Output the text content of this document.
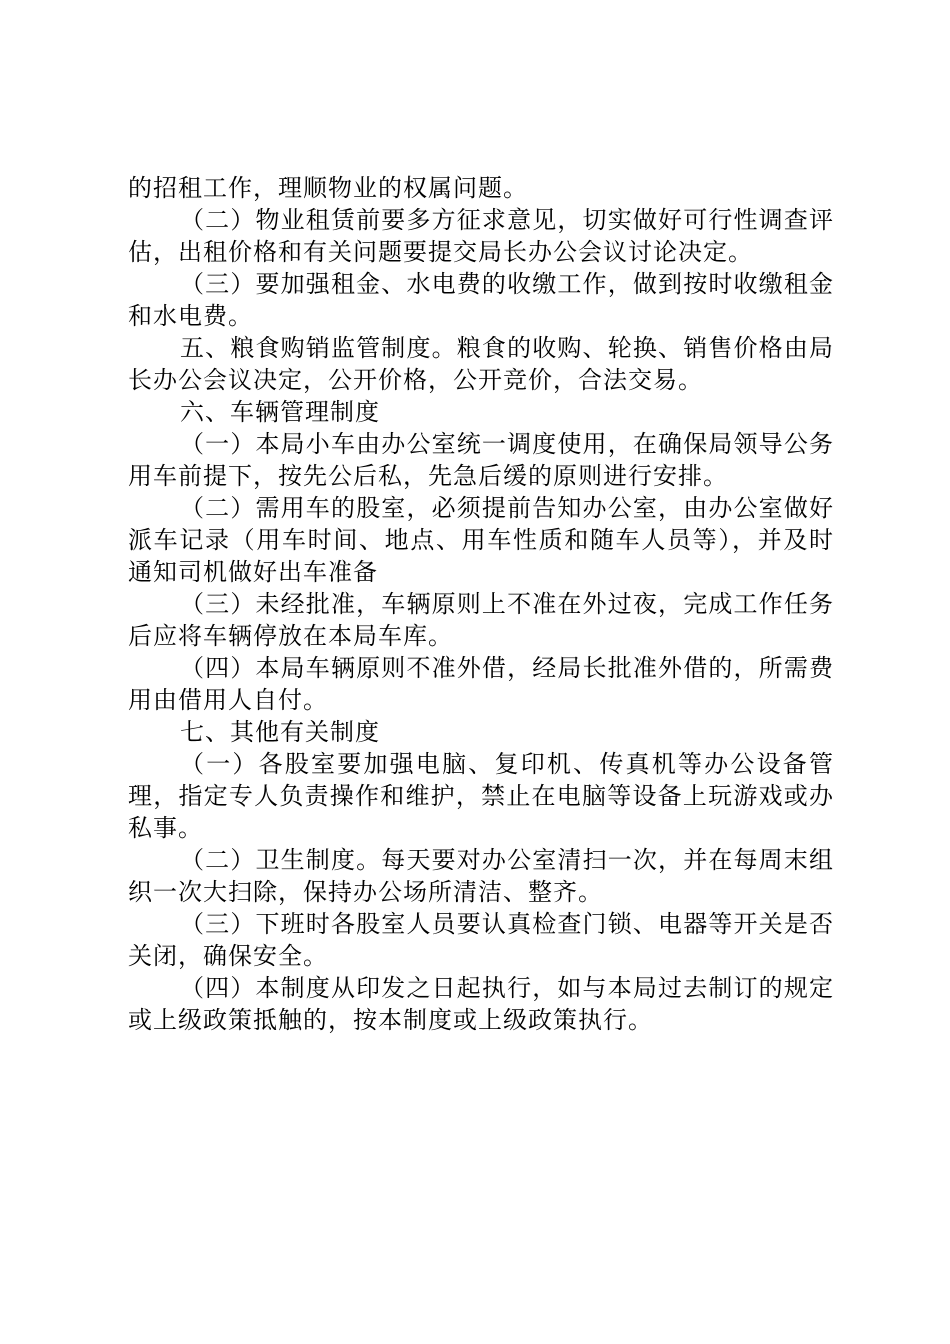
的招租工作，理顺物业的权属问题。

（二）物业租赁前要多方征求意见，切实做好可行性调查评估，出租价格和有关问题要提交局长办公会议讨论决定。

（三）要加强租金、水电费的收缴工作，做到按时收缴租金和水电费。

五、粮食购销监管制度。粮食的收购、轮换、销售价格由局长办公会议决定，公开价格，公开竞价，合法交易。

六、车辆管理制度

（一）本局小车由办公室统一调度使用，在确保局领导公务用车前提下，按先公后私，先急后缓的原则进行安排。

（二）需用车的股室，必须提前告知办公室，由办公室做好派车记录（用车时间、地点、用车性质和随车人员等），并及时通知司机做好出车准备

（三）未经批准，车辆原则上不准在外过夜，完成工作任务后应将车辆停放在本局车库。

（四）本局车辆原则不准外借，经局长批准外借的，所需费用由借用人自付。

七、其他有关制度

（一）各股室要加强电脑、复印机、传真机等办公设备管理，指定专人负责操作和维护，禁止在电脑等设备上玩游戏或办私事。

（二）卫生制度。每天要对办公室清扫一次，并在每周末组织一次大扫除，保持办公场所清洁、整齐。

（三）下班时各股室人员要认真检查门锁、电器等开关是否关闭，确保安全。

（四）本制度从印发之日起执行，如与本局过去制订的规定或上级政策抵触的，按本制度或上级政策执行。
